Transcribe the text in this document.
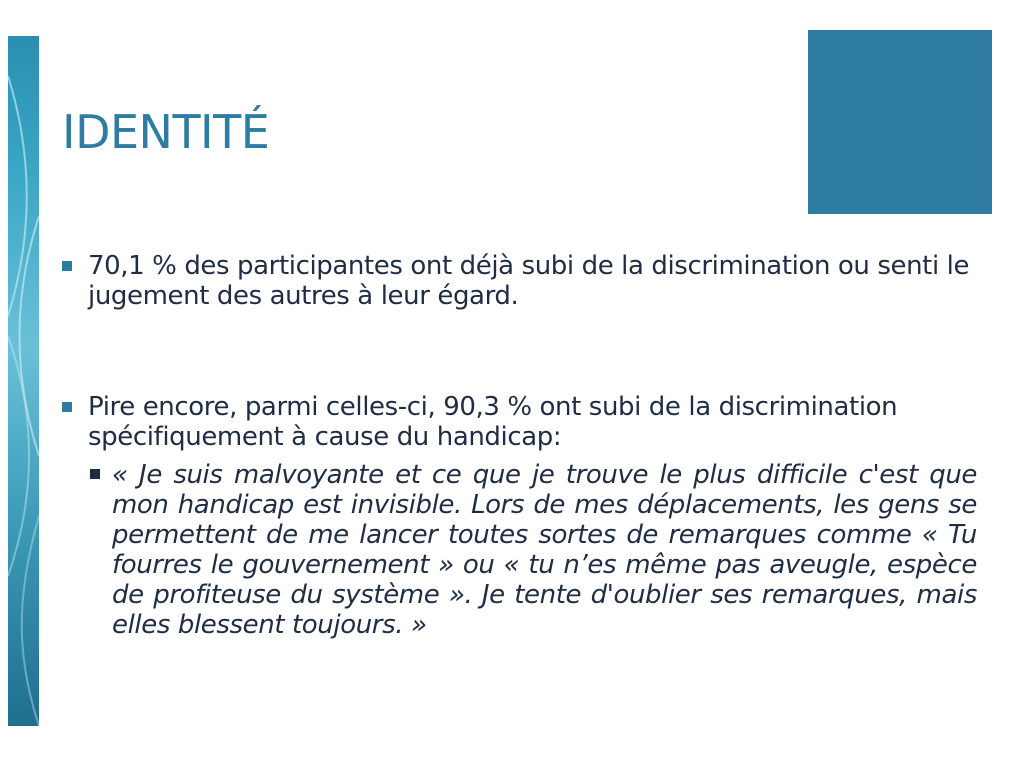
IDENTITÉ
70,1 % des participantes ont déjà subi de la discrimination ou senti le jugement des autres à leur égard.
Pire encore, parmi celles-ci, 90,3 % ont subi de la discrimination spécifiquement à cause du handicap:
« Je suis malvoyante et ce que je trouve le plus difficile c'est que mon handicap est invisible. Lors de mes déplacements, les gens se permettent de me lancer toutes sortes de remarques comme « Tu fourres le gouvernement » ou « tu n’es même pas aveugle, espèce de profiteuse du système ». Je tente d'oublier ses remarques, mais elles blessent toujours. »
